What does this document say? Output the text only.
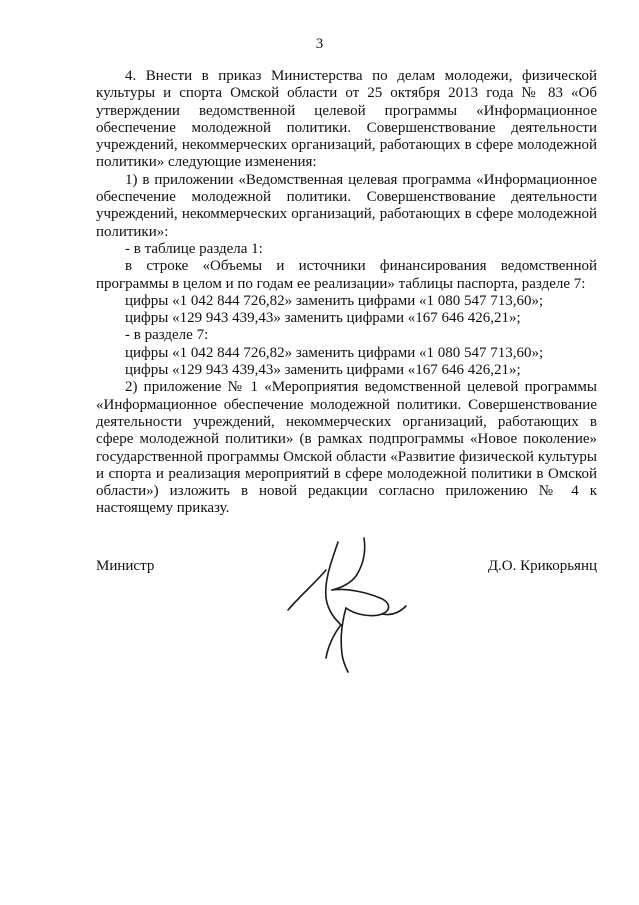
3

4. Внести в приказ Министерства по делам молодежи, физической культуры и спорта Омской области от 25 октября 2013 года № 83 «Об утверждении ведомственной целевой программы «Информационное обеспечение молодежной политики. Совершенствование деятельности учреждений, некоммерческих организаций, работающих в сфере молодежной политики» следующие изменения:

1) в приложении «Ведомственная целевая программа «Информационное обеспечение молодежной политики. Совершенствование деятельности учреждений, некоммерческих организаций, работающих в сфере молодежной политики»:

- в таблице раздела 1:

в строке «Объемы и источники финансирования ведомственной программы в целом и по годам ее реализации» таблицы паспорта, разделе 7:

цифры «1 042 844 726,82» заменить цифрами «1 080 547 713,60»;

цифры «129 943 439,43» заменить цифрами «167 646 426,21»;

- в разделе 7:

цифры «1 042 844 726,82» заменить цифрами «1 080 547 713,60»;

цифры «129 943 439,43» заменить цифрами «167 646 426,21»;

2) приложение № 1 «Мероприятия ведомственной целевой программы «Информационное обеспечение молодежной политики. Совершенствование деятельности учреждений, некоммерческих организаций, работающих в сфере молодежной политики» (в рамках подпрограммы «Новое поколение» государственной программы Омской области «Развитие физической культуры и спорта и реализация мероприятий в сфере молодежной политики в Омской области») изложить в новой редакции согласно приложению № 4 к настоящему приказу.

Министр	Д.О. Крикорьянц
